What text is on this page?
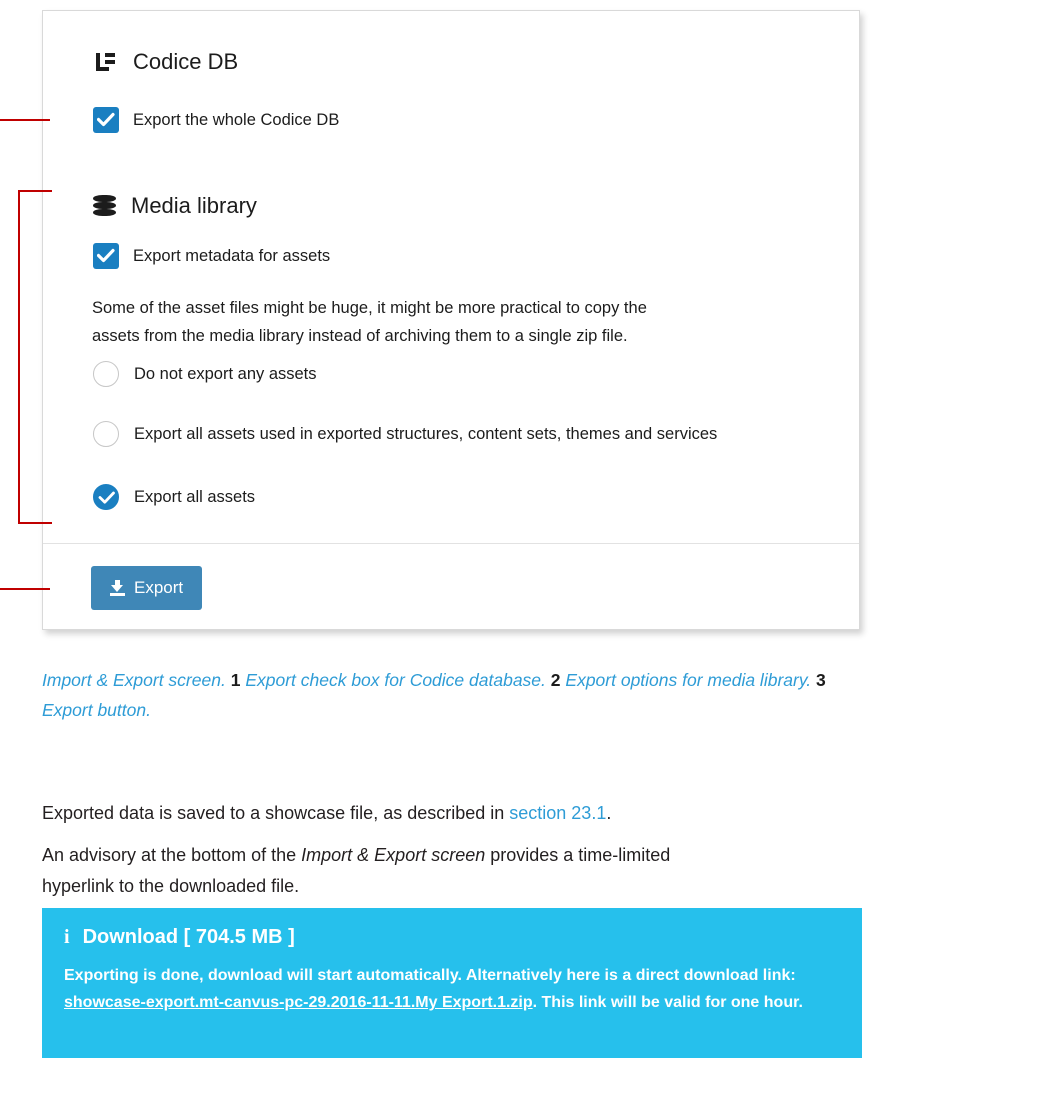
Codice DB
Export the whole Codice DB
Media library
Export metadata for assets
Some of the asset files might be huge, it might be more practical to copy the
assets from the media library instead of archiving them to a single zip file.
Do not export any assets
Export all assets used in exported structures, content sets, themes and services
Export all assets
Export
Import & Export screen. 1 Export check box for Codice database. 2 Export options for media library. 3 Export button.
Exported data is saved to a showcase file, as described in section 23.1.
An advisory at the bottom of the Import & Export screen provides a time-limited
hyperlink to the downloaded file.
i Download [ 704.5 MB ]
Exporting is done, download will start automatically. Alternatively here is a direct download link: showcase-export.mt-canvus-pc-29.2016-11-11.My Export.1.zip. This link will be valid for one hour.
